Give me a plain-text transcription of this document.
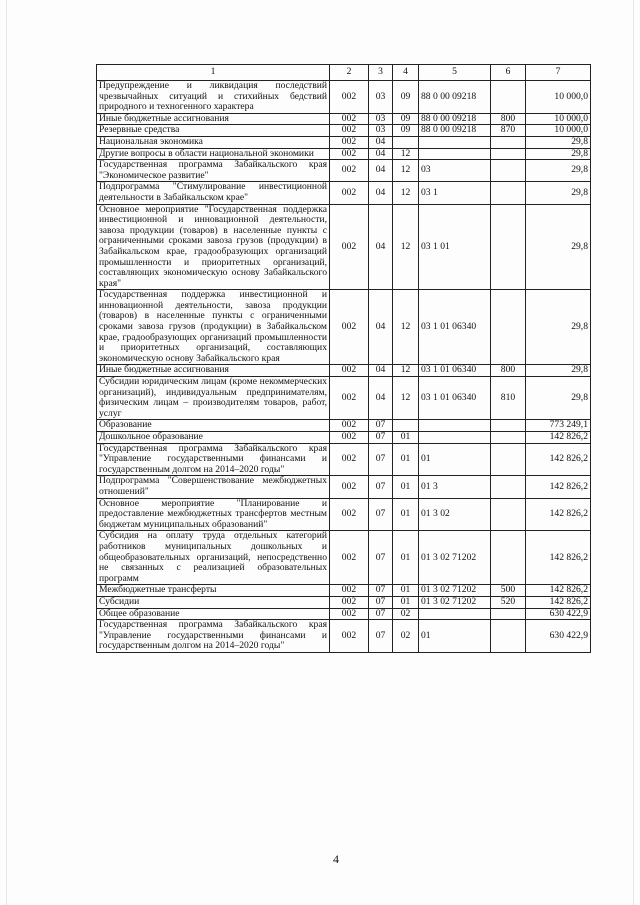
1	2	3	4	5	6	7
Предупреждение и ликвидация последствий чрезвычайных ситуаций и стихийных бедствий природного и техногенного характера	002	03	09	88 0 00 09218		10 000,0
Иные бюджетные ассигнования	002	03	09	88 0 00 09218	800	10 000,0
Резервные средства	002	03	09	88 0 00 09218	870	10 000,0
Национальная экономика	002	04				29,8
Другие вопросы в области национальной экономики	002	04	12			29,8
Государственная программа Забайкальского края "Экономическое развитие"	002	04	12	03		29,8
Подпрограмма "Стимулирование инвестиционной деятельности в Забайкальском крае"	002	04	12	03 1		29,8
Основное мероприятие "Государственная поддержка инвестиционной и инновационной деятельности, завоза продукции (товаров) в населенные пункты с ограниченными сроками завоза грузов (продукции) в Забайкальском крае, градообразующих организаций промышленности и приоритетных организаций, составляющих экономическую основу Забайкальского края"	002	04	12	03 1 01		29,8
Государственная поддержка инвестиционной и инновационной деятельности, завоза продукции (товаров) в населенные пункты с ограниченными сроками завоза грузов (продукции) в Забайкальском крае, градообразующих организаций промышленности и приоритетных организаций, составляющих экономическую основу Забайкальского края	002	04	12	03 1 01 06340		29,8
Иные бюджетные ассигнования	002	04	12	03 1 01 06340	800	29,8
Субсидии юридическим лицам (кроме некоммерческих организаций), индивидуальным предпринимателям, физическим лицам – производителям товаров, работ, услуг	002	04	12	03 1 01 06340	810	29,8
Образование	002	07				773 249,1
Дошкольное образование	002	07	01			142 826,2
Государственная программа Забайкальского края "Управление государственными финансами и государственным долгом на 2014–2020 годы"	002	07	01	01		142 826,2
Подпрограмма "Совершенствование межбюджетных отношений"	002	07	01	01 3		142 826,2
Основное мероприятие "Планирование и предоставление межбюджетных трансфертов местным бюджетам муниципальных образований"	002	07	01	01 3 02		142 826,2
Субсидия на оплату труда отдельных категорий работников муниципальных дошкольных и общеобразовательных организаций, непосредственно не связанных с реализацией образовательных программ	002	07	01	01 3 02 71202		142 826,2
Межбюджетные трансферты	002	07	01	01 3 02 71202	500	142 826,2
Субсидии	002	07	01	01 3 02 71202	520	142 826,2
Общее образование	002	07	02			630 422,9
Государственная программа Забайкальского края "Управление государственными финансами и государственным долгом на 2014–2020 годы"	002	07	02	01		630 422,9
4
